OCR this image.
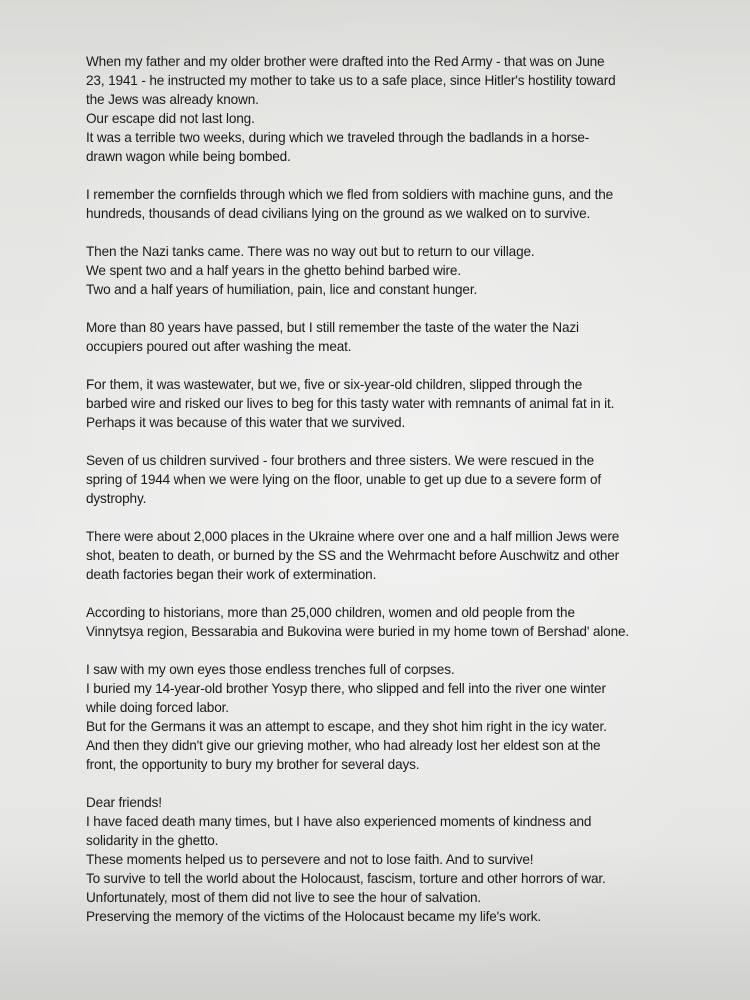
When my father and my older brother were drafted into the Red Army - that was on June
23, 1941 - he instructed my mother to take us to a safe place, since Hitler's hostility toward
the Jews was already known.
Our escape did not last long.
It was a terrible two weeks, during which we traveled through the badlands in a horse-
drawn wagon while being bombed.
I remember the cornfields through which we fled from soldiers with machine guns, and the
hundreds, thousands of dead civilians lying on the ground as we walked on to survive.
Then the Nazi tanks came. There was no way out but to return to our village.
We spent two and a half years in the ghetto behind barbed wire.
Two and a half years of humiliation, pain, lice and constant hunger.
More than 80 years have passed, but I still remember the taste of the water the Nazi
occupiers poured out after washing the meat.
For them, it was wastewater, but we, five or six-year-old children, slipped through the
barbed wire and risked our lives to beg for this tasty water with remnants of animal fat in it.
Perhaps it was because of this water that we survived.
Seven of us children survived - four brothers and three sisters. We were rescued in the
spring of 1944 when we were lying on the floor, unable to get up due to a severe form of
dystrophy.
There were about 2,000 places in the Ukraine where over one and a half million Jews were
shot, beaten to death, or burned by the SS and the Wehrmacht before Auschwitz and other
death factories began their work of extermination.
According to historians, more than 25,000 children, women and old people from the
Vinnytsya region, Bessarabia and Bukovina were buried in my home town of Bershad' alone.
I saw with my own eyes those endless trenches full of corpses.
I buried my 14-year-old brother Yosyp there, who slipped and fell into the river one winter
while doing forced labor.
But for the Germans it was an attempt to escape, and they shot him right in the icy water.
And then they didn't give our grieving mother, who had already lost her eldest son at the
front, the opportunity to bury my brother for several days.
Dear friends!
I have faced death many times, but I have also experienced moments of kindness and
solidarity in the ghetto.
These moments helped us to persevere and not to lose faith. And to survive!
To survive to tell the world about the Holocaust, fascism, torture and other horrors of war.
Unfortunately, most of them did not live to see the hour of salvation.
Preserving the memory of the victims of the Holocaust became my life's work.
